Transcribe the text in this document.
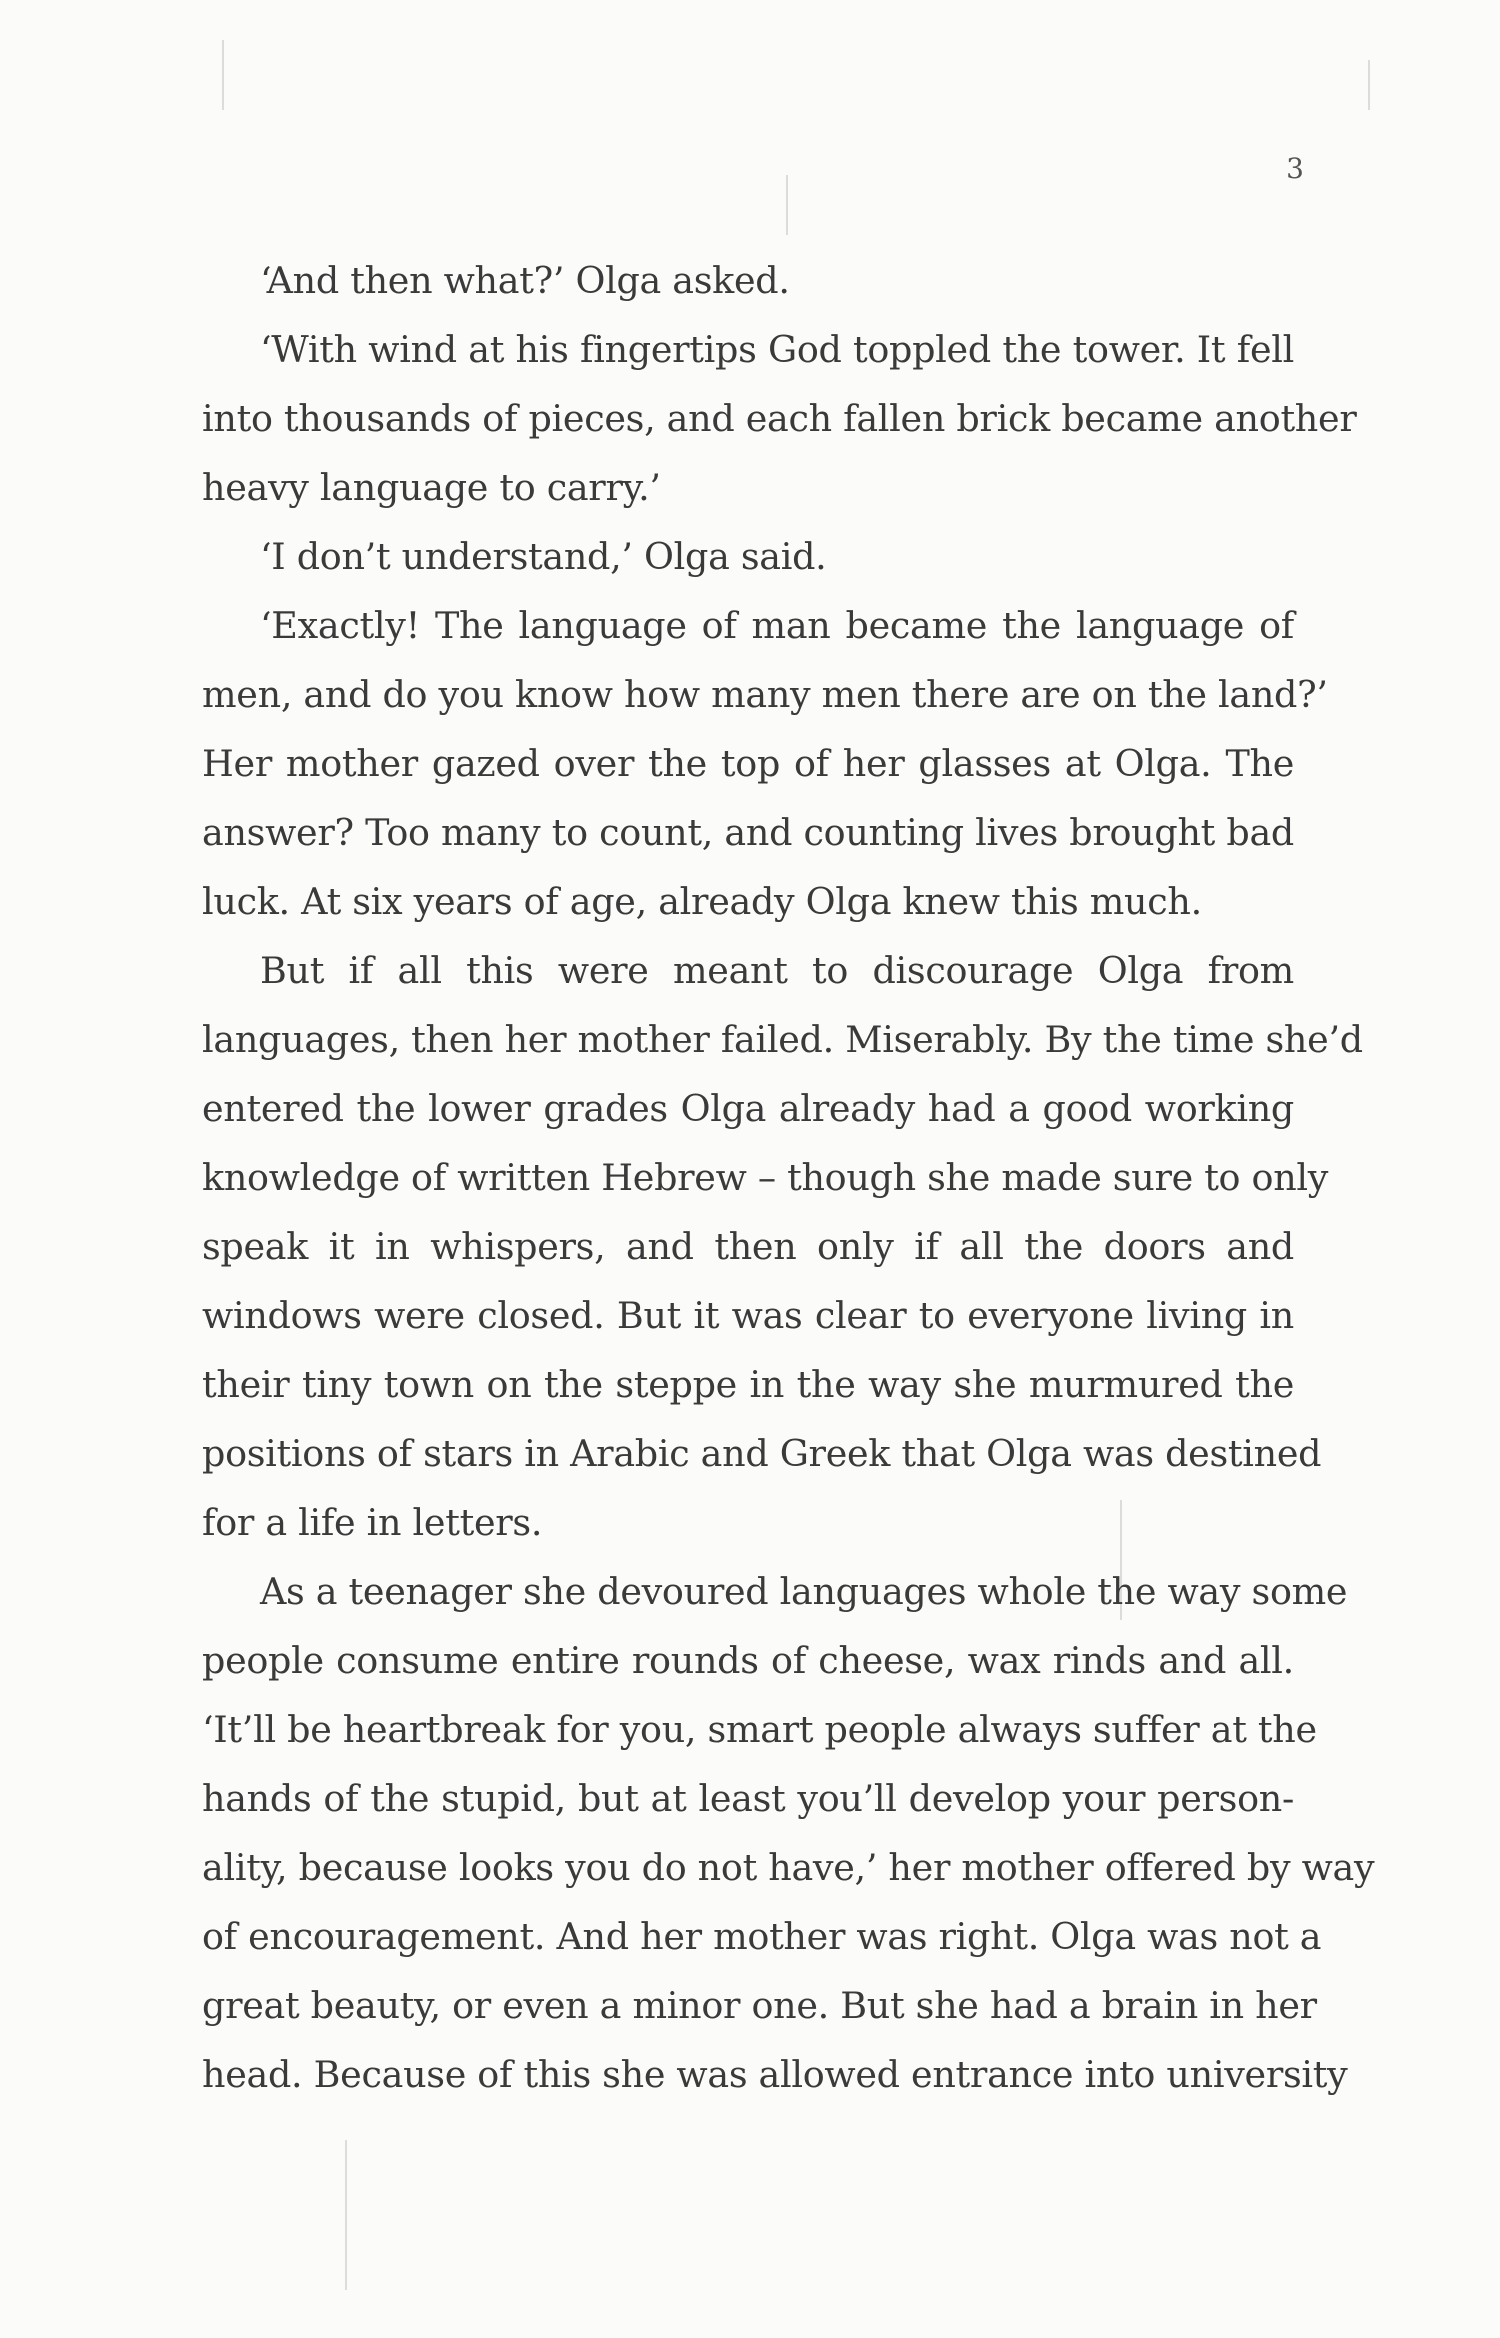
3
‘And then what?’ Olga asked.
‘With wind at his fingertips God toppled the tower. It fell
into thousands of pieces, and each fallen brick became another
heavy language to carry.’
‘I don’t understand,’ Olga said.
‘Exactly! The language of man became the language of
men, and do you know how many men there are on the land?’
Her mother gazed over the top of her glasses at Olga. The
answer? Too many to count, and counting lives brought bad
luck. At six years of age, already Olga knew this much.
But if all this were meant to discourage Olga from
languages, then her mother failed. Miserably. By the time she’d
entered the lower grades Olga already had a good working
knowledge of written Hebrew – though she made sure to only
speak it in whispers, and then only if all the doors and
windows were closed. But it was clear to everyone living in
their tiny town on the steppe in the way she murmured the
positions of stars in Arabic and Greek that Olga was destined
for a life in letters.
As a teenager she devoured languages whole the way some
people consume entire rounds of cheese, wax rinds and all.
‘It’ll be heartbreak for you, smart people always suffer at the
hands of the stupid, but at least you’ll develop your person-
ality, because looks you do not have,’ her mother offered by way
of encouragement. And her mother was right. Olga was not a
great beauty, or even a minor one. But she had a brain in her
head. Because of this she was allowed entrance into university
